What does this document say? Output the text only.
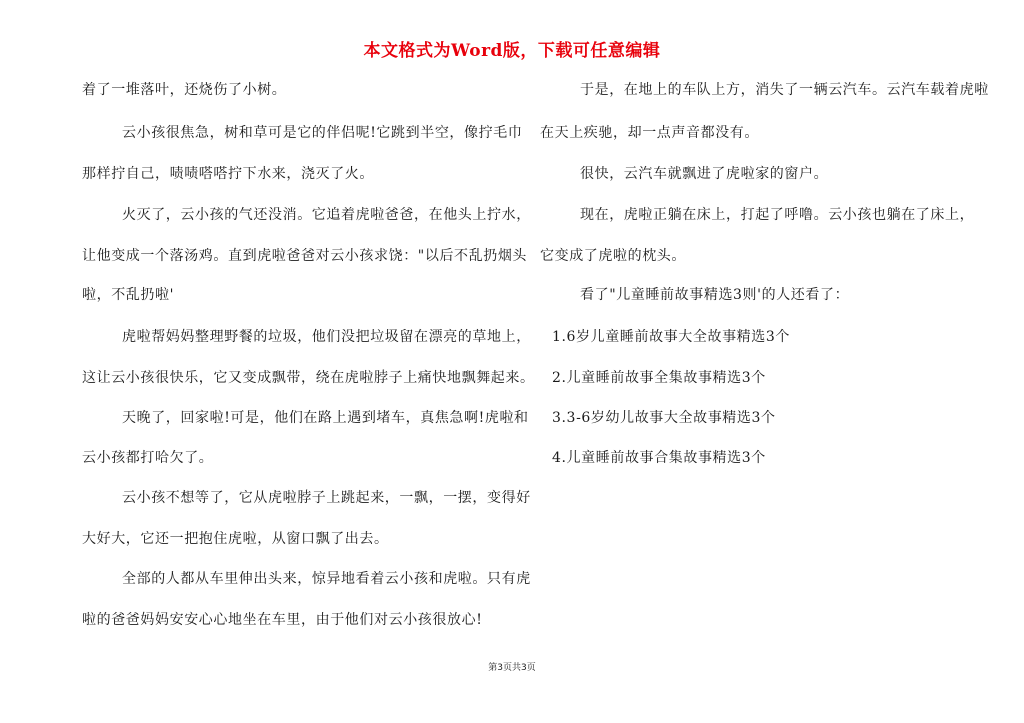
本文格式为Word版，下载可任意编辑
着了一堆落叶，还烧伤了小树。
云小孩很焦急，树和草可是它的伴侣呢!它跳到半空，像拧毛巾
那样拧自己，啧啧嗒嗒拧下水来，浇灭了火。
火灭了，云小孩的气还没消。它追着虎啦爸爸，在他头上拧水，
让他变成一个落汤鸡。直到虎啦爸爸对云小孩求饶："以后不乱扔烟头
啦，不乱扔啦'
虎啦帮妈妈整理野餐的垃圾，他们没把垃圾留在漂亮的草地上，
这让云小孩很快乐，它又变成飘带，绕在虎啦脖子上痛快地飘舞起来。
天晚了，回家啦!可是，他们在路上遇到堵车，真焦急啊!虎啦和
云小孩都打哈欠了。
云小孩不想等了，它从虎啦脖子上跳起来，一飘，一摆，变得好
大好大，它还一把抱住虎啦，从窗口飘了出去。
全部的人都从车里伸出头来，惊异地看着云小孩和虎啦。只有虎
啦的爸爸妈妈安安心心地坐在车里，由于他们对云小孩很放心!
于是，在地上的车队上方，消失了一辆云汽车。云汽车载着虎啦
在天上疾驰，却一点声音都没有。
很快，云汽车就飘进了虎啦家的窗户。
现在，虎啦正躺在床上，打起了呼噜。云小孩也躺在了床上，
它变成了虎啦的枕头。
看了"儿童睡前故事精选3则'的人还看了：
1.6岁儿童睡前故事大全故事精选3个
2.儿童睡前故事全集故事精选3个
3.3-6岁幼儿故事大全故事精选3个
4.儿童睡前故事合集故事精选3个
第3页共3页
